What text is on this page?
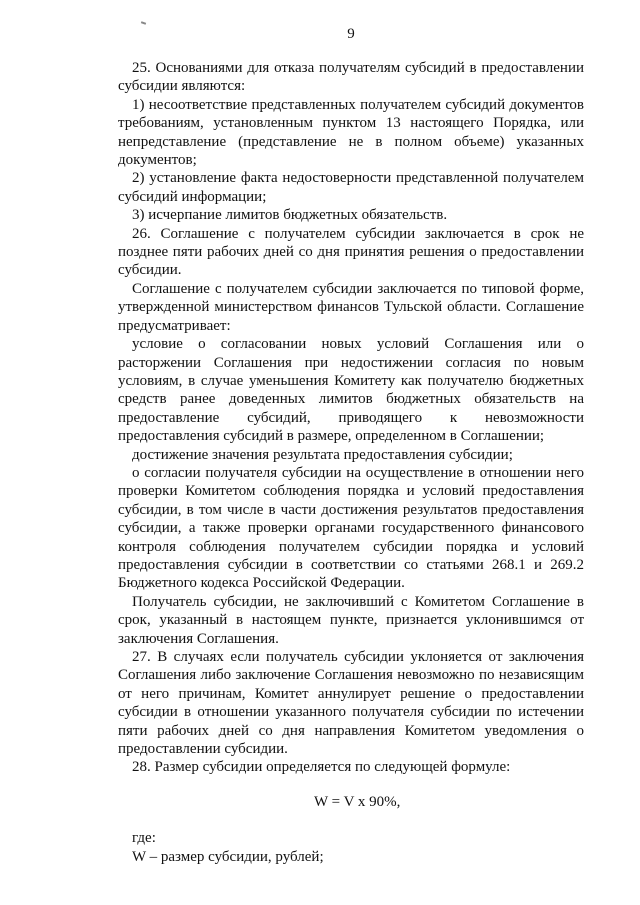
9

25. Основаниями для отказа получателям субсидий в предоставлении субсидии являются:

1) несоответствие представленных получателем субсидий документов требованиям, установленным пунктом 13 настоящего Порядка, или непредставление (представление не в полном объеме) указанных документов;

2) установление факта недостоверности представленной получателем субсидий информации;

3) исчерпание лимитов бюджетных обязательств.

26. Соглашение с получателем субсидии заключается в срок не позднее пяти рабочих дней со дня принятия решения о предоставлении субсидии.

Соглашение с получателем субсидии заключается по типовой форме, утвержденной министерством финансов Тульской области. Соглашение предусматривает:

условие о согласовании новых условий Соглашения или о расторжении Соглашения при недостижении согласия по новым условиям, в случае уменьшения Комитету как получателю бюджетных средств ранее доведенных лимитов бюджетных обязательств на предоставление субсидий, приводящего к невозможности предоставления субсидий в размере, определенном в Соглашении;

достижение значения результата предоставления субсидии;

о согласии получателя субсидии на осуществление в отношении него проверки Комитетом соблюдения порядка и условий предоставления субсидии, в том числе в части достижения результатов предоставления субсидии, а также проверки органами государственного финансового контроля соблюдения получателем субсидии порядка и условий предоставления субсидии в соответствии со статьями 268.1 и 269.2 Бюджетного кодекса Российской Федерации.

Получатель субсидии, не заключивший с Комитетом Соглашение в срок, указанный в настоящем пункте, признается уклонившимся от заключения Соглашения.

27. В случаях если получатель субсидии уклоняется от заключения Соглашения либо заключение Соглашения невозможно по независящим от него причинам, Комитет аннулирует решение о предоставлении субсидии в отношении указанного получателя субсидии по истечении пяти рабочих дней со дня направления Комитетом уведомления о предоставлении субсидии.

28. Размер субсидии определяется по следующей формуле:

W = V x 90%,

где:

W – размер субсидии, рублей;
